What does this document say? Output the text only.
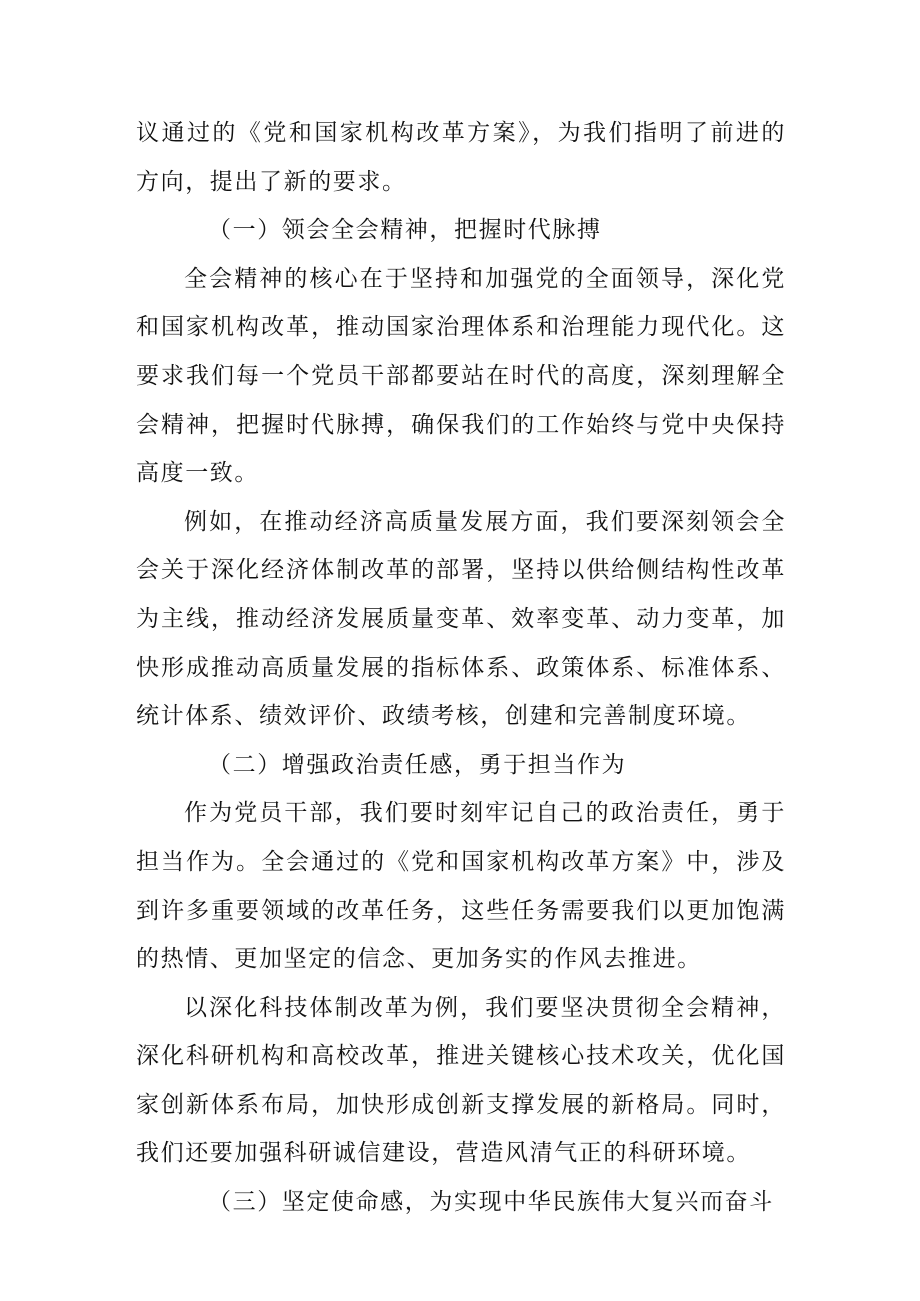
议通过的《党和国家机构改革方案》，为我们指明了前进的方向，提出了新的要求。

（一）领会全会精神，把握时代脉搏

全会精神的核心在于坚持和加强党的全面领导，深化党和国家机构改革，推动国家治理体系和治理能力现代化。这要求我们每一个党员干部都要站在时代的高度，深刻理解全会精神，把握时代脉搏，确保我们的工作始终与党中央保持高度一致。

例如，在推动经济高质量发展方面，我们要深刻领会全会关于深化经济体制改革的部署，坚持以供给侧结构性改革为主线，推动经济发展质量变革、效率变革、动力变革，加快形成推动高质量发展的指标体系、政策体系、标准体系、统计体系、绩效评价、政绩考核，创建和完善制度环境。

（二）增强政治责任感，勇于担当作为

作为党员干部，我们要时刻牢记自己的政治责任，勇于担当作为。全会通过的《党和国家机构改革方案》中，涉及到许多重要领域的改革任务，这些任务需要我们以更加饱满的热情、更加坚定的信念、更加务实的作风去推进。

以深化科技体制改革为例，我们要坚决贯彻全会精神，深化科研机构和高校改革，推进关键核心技术攻关，优化国家创新体系布局，加快形成创新支撑发展的新格局。同时，我们还要加强科研诚信建设，营造风清气正的科研环境。

（三）坚定使命感，为实现中华民族伟大复兴而奋斗
